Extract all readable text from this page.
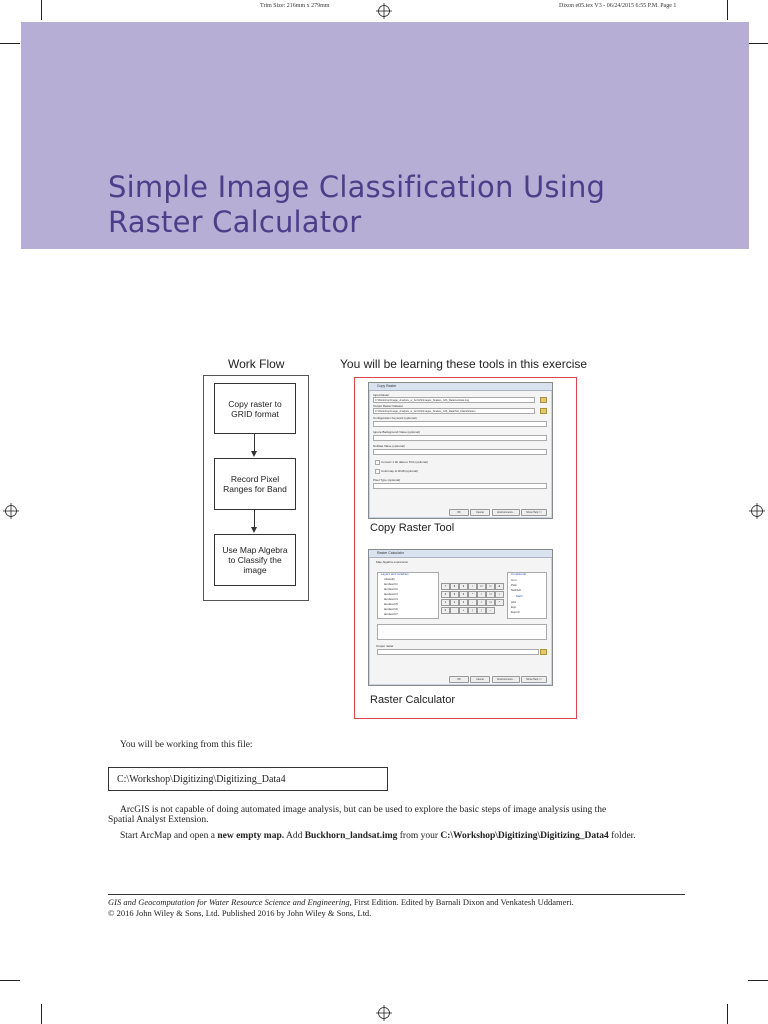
Trim Size: 216mm x 279mm	Dixon e05.tex V3 - 06/24/2015 6:55 P.M. Page 1
Simple Image Classification Using
Raster Calculator
Work Flow
Copy raster to
GRID format
Record Pixel
Ranges for Band
Use Map Algebra
to Classify the
image
You will be learning these tools in this exercise
Copy Raster
Input Raster
C:\Workshop\Image_Analysis_w_ArcGIS\Images_Snakes_GIS_Data\Landsat.img
Output Raster Dataset
C:\Workshop\Image_Analysis_w_ArcGIS\Images_Snakes_GIS_Data\NH_Classification
Configuration Keyword (optional)
Ignore Background Value (optional)
NoData Value (optional)
Convert 1 bit data to 8 bit (optional)
Colormap to RGB (optional)
Pixel Type (optional)
OK	Cancel	Environments...	Show Help >>
Copy Raster Tool
Raster Calculator
Map Algebra expression
Layers and variables
rclassify
landsat b1
landsat b2
landsat b3
landsat b4
landsat b5
landsat b6
landsat b7
7	8	9	/	==	!=	&
4	5	6	*	>	>=	|
1	2	3	-	<	<=	^
0	.	+	(	)	~
Conditional
Con
Pick
SetNull
Math
Abs
Exp
Exp10
Output raster
OK	Cancel	Environments...	Show Help >>
Raster Calculator
You will be working from this file:
C:\Workshop\Digitizing\Digitizing_Data4
ArcGIS is not capable of doing automated image analysis, but can be used to explore the basic steps of image analysis using the
Spatial Analyst Extension.
Start ArcMap and open a new empty map. Add Buckhorn_landsat.img from your C:\Workshop\Digitizing\Digitizing_Data4 folder.
GIS and Geocomputation for Water Resource Science and Engineering, First Edition. Edited by Barnali Dixon and Venkatesh Uddameri.
© 2016 John Wiley & Sons, Ltd. Published 2016 by John Wiley & Sons, Ltd.
